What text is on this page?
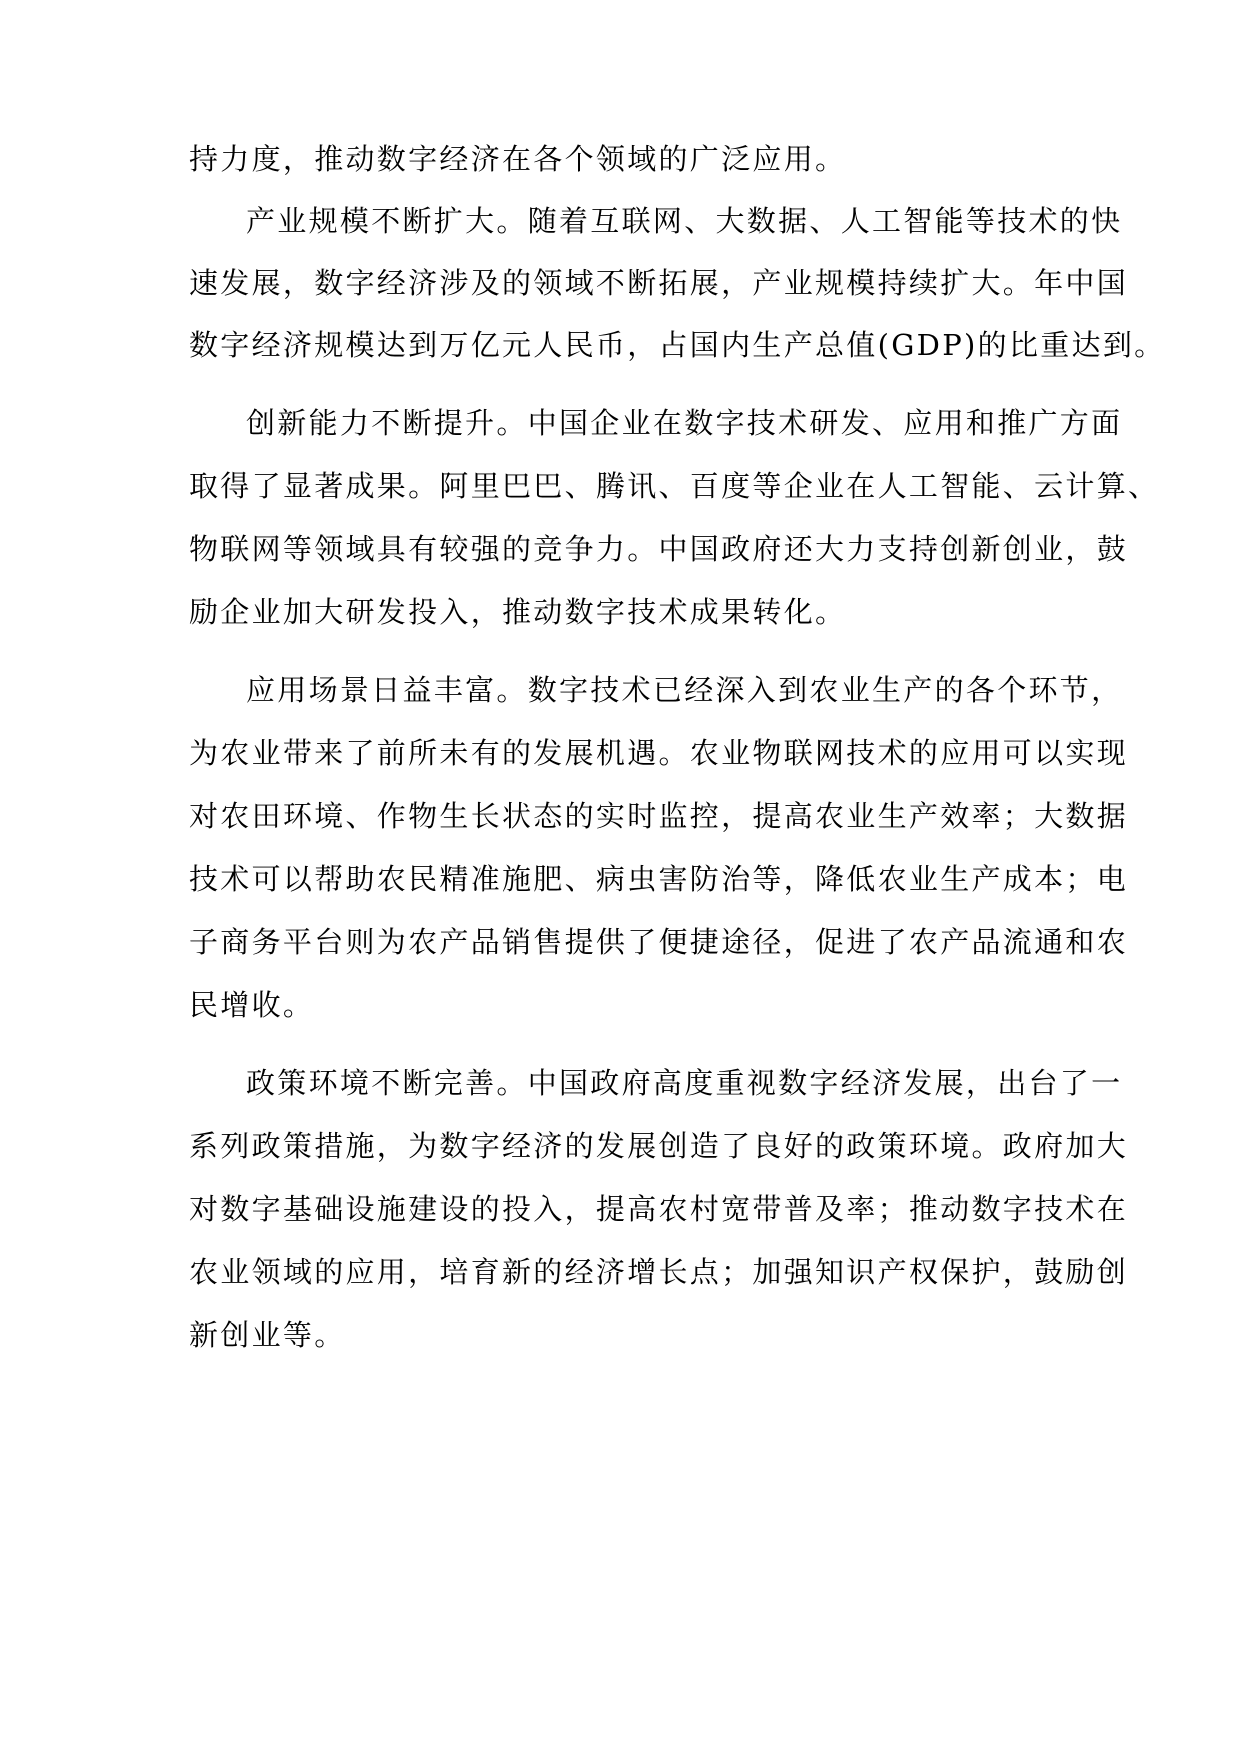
持力度，推动数字经济在各个领域的广泛应用。
产业规模不断扩大。随着互联网、大数据、人工智能等技术的快
速发展，数字经济涉及的领域不断拓展，产业规模持续扩大。年中国
数字经济规模达到万亿元人民币，占国内生产总值(GDP)的比重达到。
创新能力不断提升。中国企业在数字技术研发、应用和推广方面
取得了显著成果。阿里巴巴、腾讯、百度等企业在人工智能、云计算、
物联网等领域具有较强的竞争力。中国政府还大力支持创新创业，鼓
励企业加大研发投入，推动数字技术成果转化。
应用场景日益丰富。数字技术已经深入到农业生产的各个环节，
为农业带来了前所未有的发展机遇。农业物联网技术的应用可以实现
对农田环境、作物生长状态的实时监控，提高农业生产效率；大数据
技术可以帮助农民精准施肥、病虫害防治等，降低农业生产成本；电
子商务平台则为农产品销售提供了便捷途径，促进了农产品流通和农
民增收。
政策环境不断完善。中国政府高度重视数字经济发展，出台了一
系列政策措施，为数字经济的发展创造了良好的政策环境。政府加大
对数字基础设施建设的投入，提高农村宽带普及率；推动数字技术在
农业领域的应用，培育新的经济增长点；加强知识产权保护，鼓励创
新创业等。
